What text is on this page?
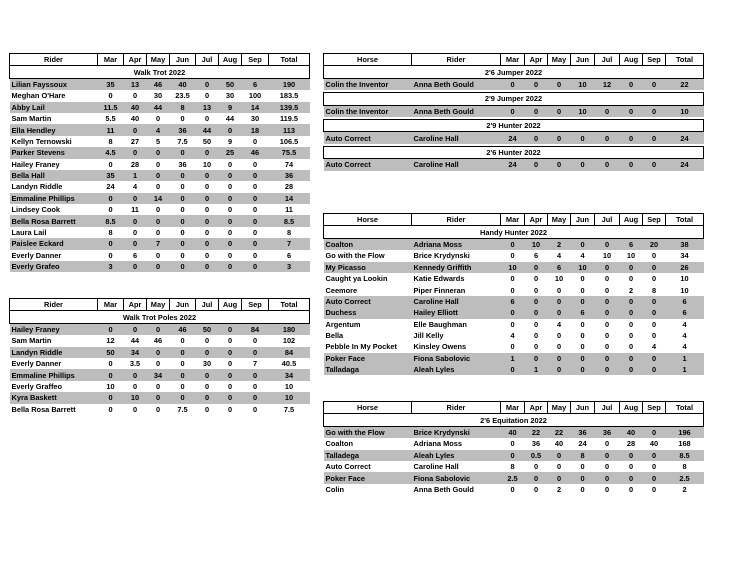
Rider	Mar	Apr	May	Jun	Jul	Aug	Sep	Total
Walk Trot 2022								
Lilian Fayssoux	35	13	46	40	0	50	6	190
Meghan O'Hare	0	0	30	23.5	0	30	100	183.5
Abby Lail	11.5	40	44	8	13	9	14	139.5
Sam Martin	5.5	40	0	0	0	44	30	119.5
Ella Hendley	11	0	4	36	44	0	18	113
Kellyn Ternowski	8	27	5	7.5	50	9	0	106.5
Parker Stevens	4.5	0	0	0	0	25	46	75.5
Hailey Franey	0	28	0	36	10	0	0	74
Bella Hall	35	1	0	0	0	0	0	36
Landyn Riddle	24	4	0	0	0	0	0	28
Emmaline Phillips	0	0	14	0	0	0	0	14
Lindsey Cook	0	11	0	0	0	0	0	11
Bella Rosa Barrett	8.5	0	0	0	0	0	0	8.5
Laura Lail	8	0	0	0	0	0	0	8
Paislee Eckard	0	0	7	0	0	0	0	7
Everly Danner	0	6	0	0	0	0	0	6
Everly Grafeo	3	0	0	0	0	0	0	3
Rider	Mar	Apr	May	Jun	Jul	Aug	Sep	Total
Walk Trot Poles 2022								
Hailey Franey	0	0	0	46	50	0	84	180
Sam Martin	12	44	46	0	0	0	0	102
Landyn Riddle	50	34	0	0	0	0	0	84
Everly Danner	0	3.5	0	0	30	0	7	40.5
Emmaline Phillips	0	0	34	0	0	0	0	34
Everly Graffeo	10	0	0	0	0	0	0	10
Kyra Baskett	0	10	0	0	0	0	0	10
Bella Rosa Barrett	0	0	0	7.5	0	0	0	7.5
Horse	Rider	Mar	Apr	May	Jun	Jul	Aug	Sep	Total
2'6 Jumper 2022									
Colin the Inventor	Anna Beth Gould	0	0	0	10	12	0	0	22

2'9 Jumper 2022									
Colin the Inventor	Anna Beth Gould	0	0	0	10	0	0	0	10

2'9 Hunter 2022									
Auto Correct	Caroline Hall	24	0	0	0	0	0	0	24

2'6 Hunter 2022									
Auto Correct	Caroline Hall	24	0	0	0	0	0	0	24
Horse	Rider	Mar	Apr	May	Jun	Jul	Aug	Sep	Total
Handy Hunter 2022									
Coalton	Adriana Moss	0	10	2	0	0	6	20	38
Go with the Flow	Brice Krydynski	0	6	4	4	10	10	0	34
My Picasso	Kennedy Griffith	10	0	6	10	0	0	0	26
Caught ya Lookin	Katie Edwards	0	0	10	0	0	0	0	10
Ceemore	Piper Finneran	0	0	0	0	0	2	8	10
Auto Correct	Caroline Hall	6	0	0	0	0	0	0	6
Duchess	Hailey Elliott	0	0	0	6	0	0	0	6
Argentum	Elle Baughman	0	0	4	0	0	0	0	4
Bella	Jill Kelly	4	0	0	0	0	0	0	4
Pebble In My Pocket	Kinsley Owens	0	0	0	0	0	0	4	4
Poker Face	Fiona Sabolovic	1	0	0	0	0	0	0	1
Talladaga	Aleah Lyles	0	1	0	0	0	0	0	1
Horse	Rider	Mar	Apr	May	Jun	Jul	Aug	Sep	Total
2'6 Equitation 2022									
Go with the Flow	Brice Krydynski	40	22	22	36	36	40	0	196
Coalton	Adriana Moss	0	36	40	24	0	28	40	168
Talladega	Aleah Lyles	0	0.5	0	8	0	0	0	8.5
Auto Correct	Caroline Hall	8	0	0	0	0	0	0	8
Poker Face	Fiona Sabolovic	2.5	0	0	0	0	0	0	2.5
Colin	Anna Beth Gould	0	0	2	0	0	0	0	2
